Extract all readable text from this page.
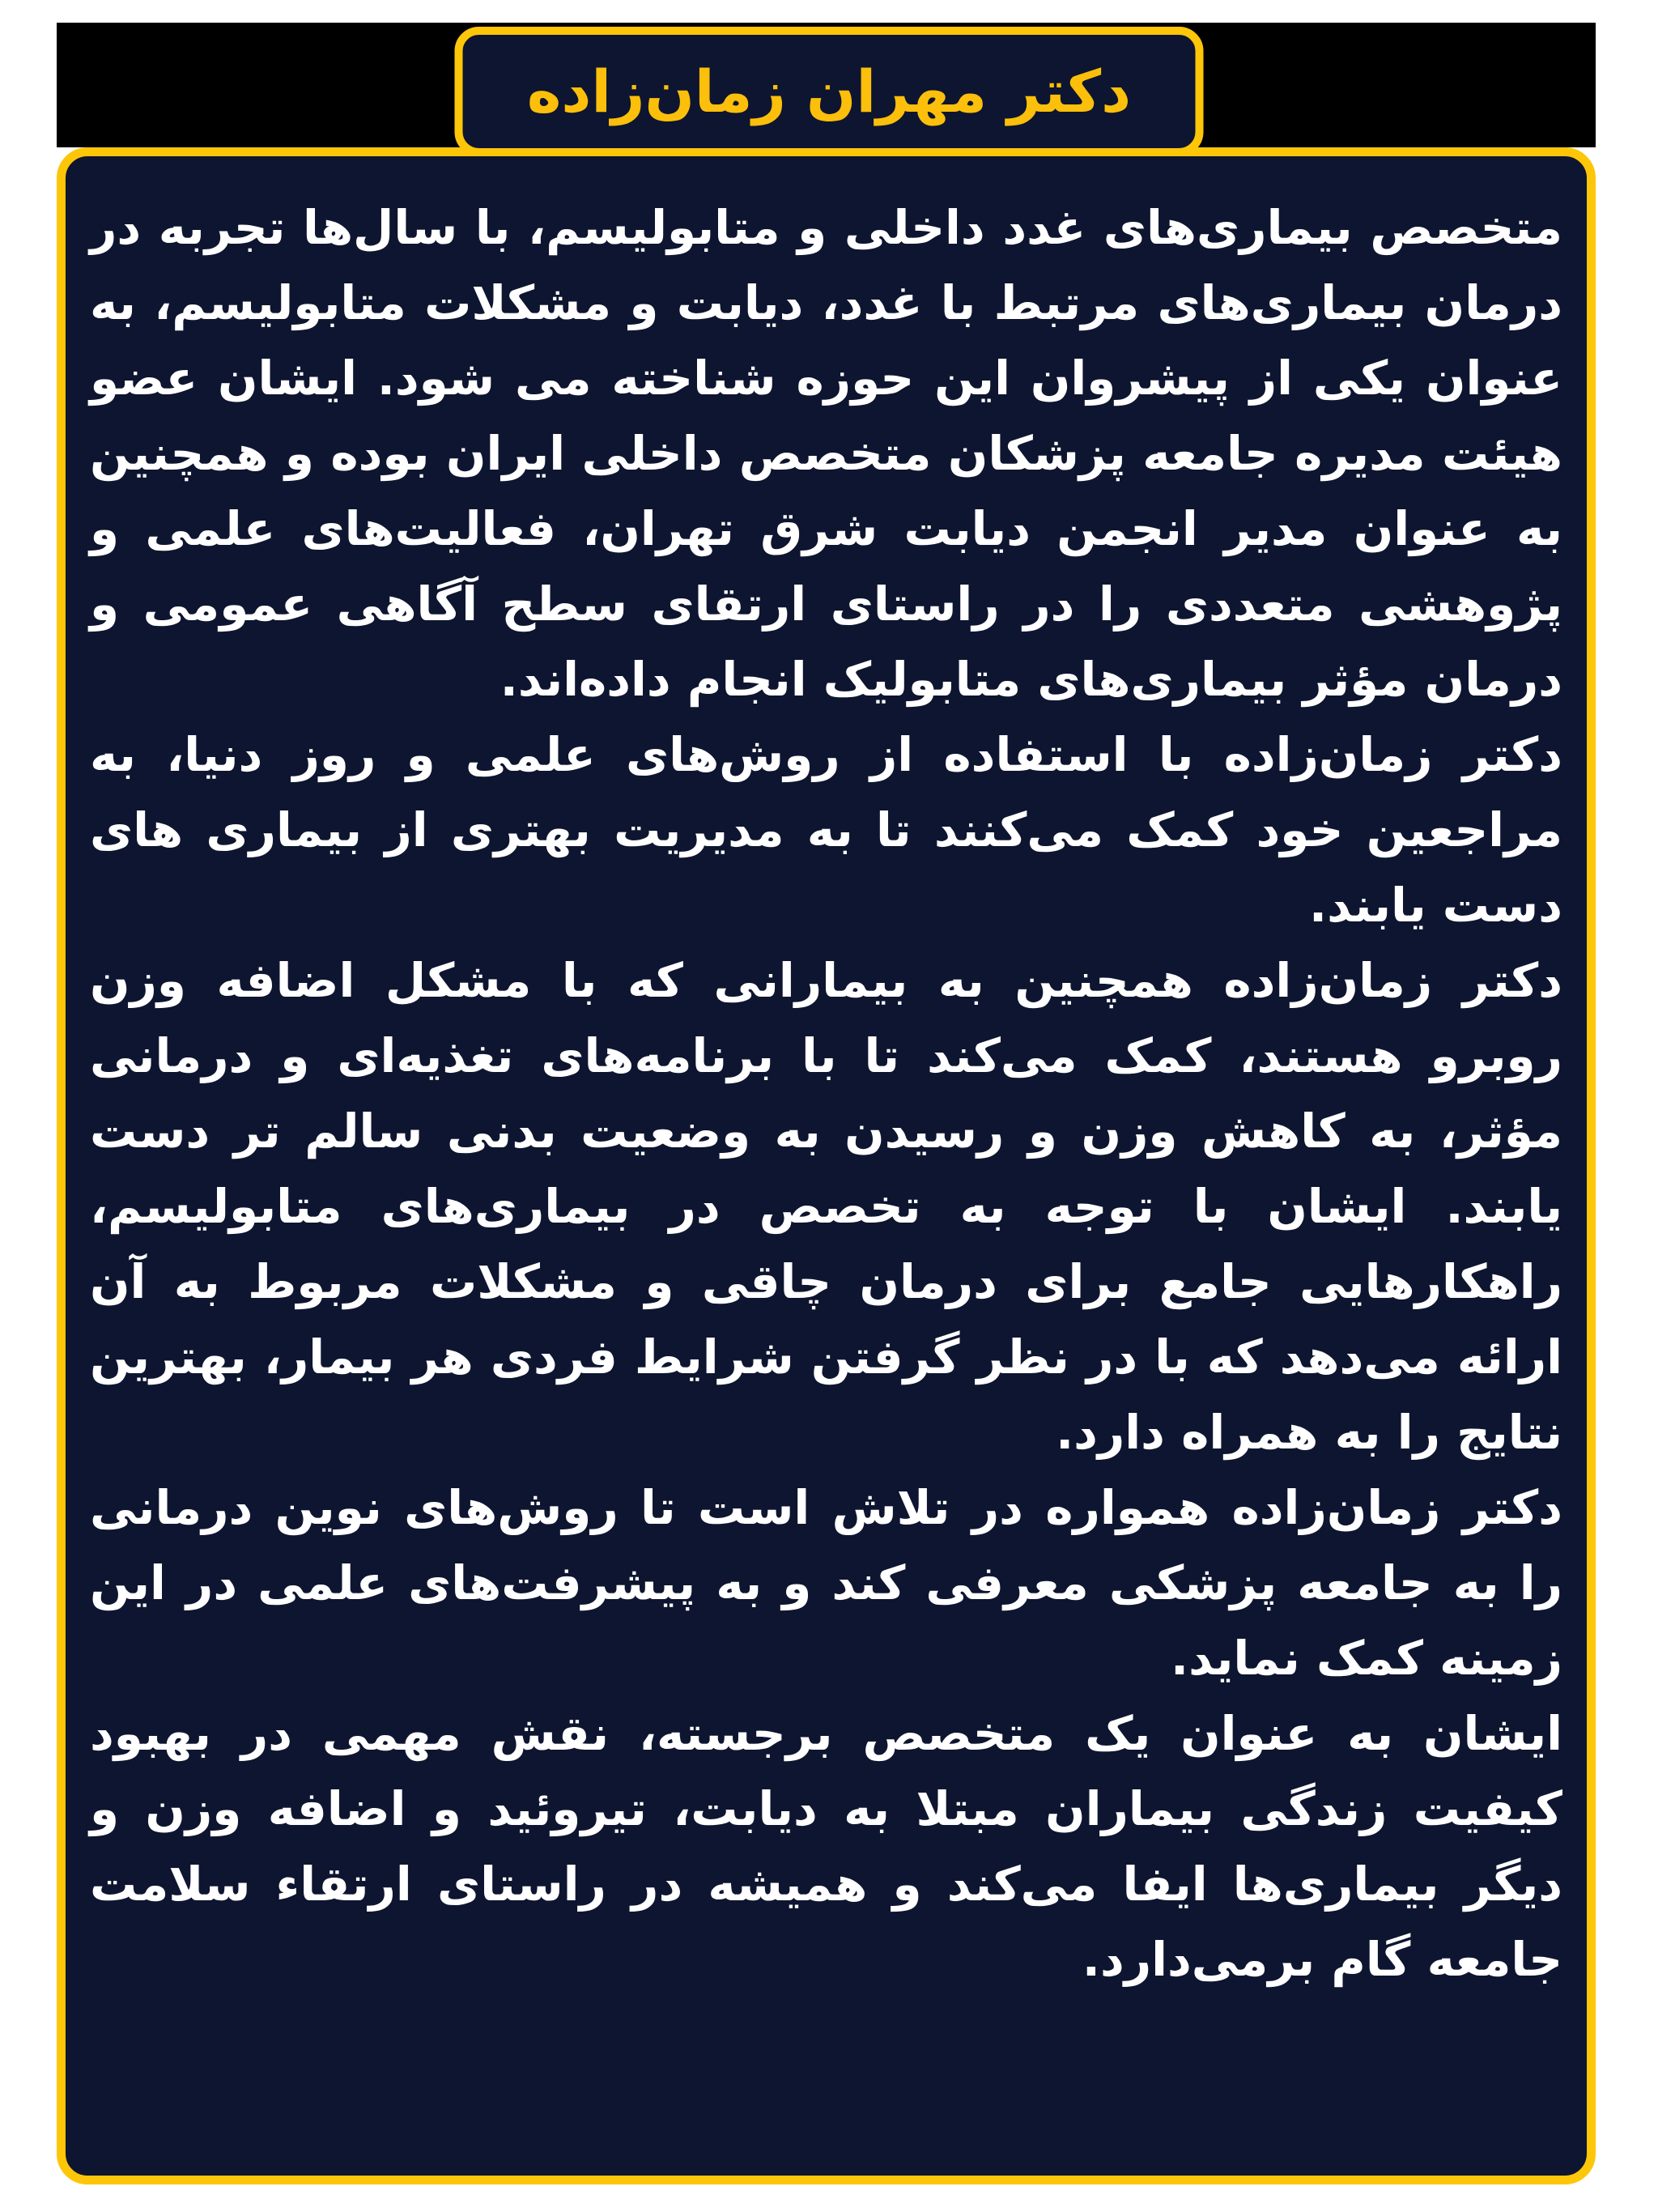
دکتر مهران زمان‌زاده

متخصص بیماری‌های غدد داخلی و متابولیسم، با سال‌ها تجربه در درمان بیماری‌های مرتبط با غدد، دیابت و مشکلات متابولیسم، به عنوان یکی از پیشروان این حوزه شناخته می شود. ایشان عضو هیئت مدیره جامعه پزشکان متخصص داخلی ایران بوده و همچنین به عنوان مدیر انجمن دیابت شرق تهران، فعالیت‌های علمی و پژوهشی متعددی را در راستای ارتقای سطح آگاهی عمومی و درمان مؤثر بیماری‌های متابولیک انجام داده‌اند.

دکتر زمان‌زاده با استفاده از روش‌های علمی و روز دنیا، به مراجعین خود کمک می‌کنند تا به مدیریت بهتری از بیماری های دست یابند.

دکتر زمان‌زاده همچنین به بیمارانی که با مشکل اضافه وزن روبرو هستند، کمک می‌کند تا با برنامه‌های تغذیه‌ای و درمانی مؤثر، به کاهش وزن و رسیدن به وضعیت بدنی سالم تر دست یابند. ایشان با توجه به تخصص در بیماری‌های متابولیسم، راهکارهایی جامع برای درمان چاقی و مشکلات مربوط به آن ارائه می‌دهد که با در نظر گرفتن شرایط فردی هر بیمار، بهترین نتایج را به همراه دارد.

دکتر زمان‌زاده همواره در تلاش است تا روش‌های نوین درمانی را به جامعه پزشکی معرفی کند و به پیشرفت‌های علمی در این زمینه کمک نماید.

ایشان به عنوان یک متخصص برجسته، نقش مهمی در بهبود کیفیت زندگی بیماران مبتلا به دیابت، تیروئید و اضافه وزن و دیگر بیماری‌ها ایفا می‌کند و همیشه در راستای ارتقاء سلامت جامعه گام برمی‌دارد.
